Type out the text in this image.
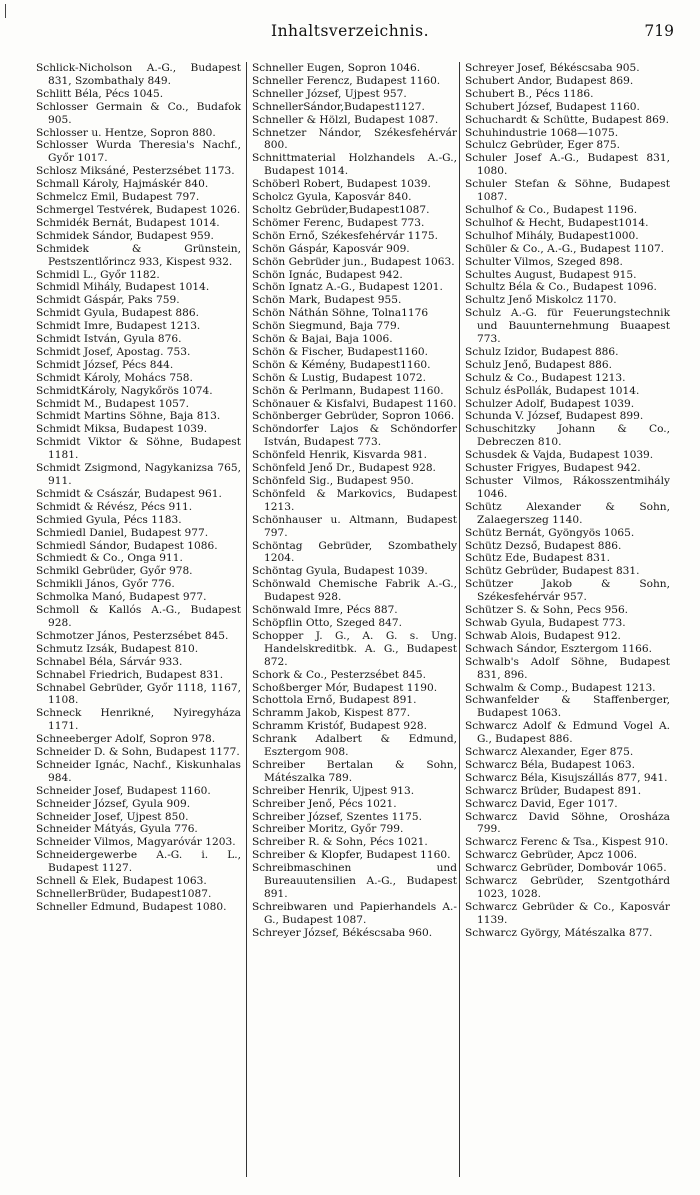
Inhaltsverzeichnis.	719

Schlick-Nicholson A.-G., Budapest 831, Szombathaly 849.

Schlitt Béla, Pécs 1045.

Schlosser Germain & Co., Budafok 905.

Schlosser u. Hentze, Sopron 880.

Schlosser Wurda Theresia's Nachf., Győr 1017.

Schlosz Miksáné, Pesterzsébet 1173.

Schmall Károly, Hajmáskér 840.

Schmelcz Emil, Budapest 797.

Schmergel Testvérek, Budapest 1026.

Schmidék Bernát, Budapest 1014.

Schmidek Sándor, Budapest 959.

Schmidek & Grünstein, Pestszentlőrincz 933, Kispest 932.

Schmidl L., Győr 1182.

Schmidl Mihály, Budapest 1014.

Schmidt Gáspár, Paks 759.

Schmidt Gyula, Budapest 886.

Schmidt Imre, Budapest 1213.

Schmidt István, Gyula 876.

Schmidt Josef, Apostag. 753.

Schmidt József, Pécs 844.

Schmidt Károly, Mohács 758.

SchmidtKároly, Nagykőrös 1074.

Schmidt M., Budapest 1057.

Schmidt Martins Söhne, Baja 813.

Schmidt Miksa, Budapest 1039.

Schmidt Viktor & Söhne, Budapest 1181.

Schmidt Zsigmond, Nagykanizsa 765, 911.

Schmidt & Császár, Budapest 961.

Schmidt & Révész, Pécs 911.

Schmied Gyula, Pécs 1183.

Schmiedl Daniel, Budapest 977.

Schmiedl Sándor, Budapest 1086.

Schmiedt & Co., Onga 911.

Schmikl Gebrüder, Győr 978.

Schmikli János, Győr 776.

Schmolka Manó, Budapest 977.

Schmoll & Kallós A.-G., Budapest 928.

Schmotzer János, Pesterzsébet 845.

Schmutz Izsák, Budapest 810.

Schnabel Béla, Sárvár 933.

Schnabel Friedrich, Budapest 831.

Schnabel Gebrüder, Győr 1118, 1167, 1108.

Schneck Henrikné, Nyiregyháza 1171.

Schneeberger Adolf, Sopron 978.

Schneider D. & Sohn, Budapest 1177.

Schneider Ignác, Nachf., Kiskunhalas 984.

Schneider Josef, Budapest 1160.

Schneider József, Gyula 909.

Schneider Josef, Ujpest 850.

Schneider Mátyás, Gyula 776.

Schneider Vilmos, Magyaróvár 1203.

Schneidergewerbe A.-G. i. L., Budapest 1127.

Schnell & Elek, Budapest 1063.

SchnellerBrüder, Budapest1087.

Schneller Edmund, Budapest 1080.

Schneller Eugen, Sopron 1046.

Schneller Ferencz, Budapest 1160.

Schneller József, Ujpest 957.

SchnellerSándor,Budapest1127.

Schneller & Hölzl, Budapest 1087.

Schnetzer Nándor, Székesfehérvár 800.

Schnittmaterial Holzhandels A.-G., Budapest 1014.

Schöberl Robert, Budapest 1039.

Scholcz Gyula, Kaposvár 840.

Scholtz Gebrüder,Budapest1087.

Schömer Ferenc, Budapest 773.

Schön Ernő, Székesfehérvár 1175.

Schön Gáspár, Kaposvár 909.

Schön Gebrüder jun., Budapest 1063.

Schön Ignác, Budapest 942.

Schön Ignatz A.-G., Budapest 1201.

Schön Mark, Budapest 955.

Schön Náthán Söhne, Tolna1176

Schön Siegmund, Baja 779.

Schön & Bajai, Baja 1006.

Schön & Fischer, Budapest1160.

Schön & Kémény, Budapest1160.

Schön & Lustig, Budapest 1072.

Schön & Perlmann, Budapest 1160.

Schönauer & Kisfalvi, Budapest 1160.

Schönberger Gebrüder, Sopron 1066.

Schöndorfer Lajos & Schöndorfer István, Budapest 773.

Schönfeld Henrik, Kisvarda 981.

Schönfeld Jenő Dr., Budapest 928.

Schönfeld Sig., Budapest 950.

Schönfeld & Markovics, Budapest 1213.

Schönhauser u. Altmann, Budapest 797.

Schöntag Gebrüder, Szombathely 1204.

Schöntag Gyula, Budapest 1039.

Schönwald Chemische Fabrik A.-G., Budapest 928.

Schönwald Imre, Pécs 887.

Schöpflin Otto, Szeged 847.

Schopper J. G., A. G. s. Ung. Handelskreditbk. A. G., Budapest 872.

Schork & Co., Pesterzsébet 845.

Schoßberger Mór, Budapest 1190.

Schottola Ernő, Budapest 891.

Schramm Jakob, Kispest 877.

Schramm Kristóf, Budapest 928.

Schrank Adalbert & Edmund, Esztergom 908.

Schreiber Bertalan & Sohn, Mátészalka 789.

Schreiber Henrik, Ujpest 913.

Schreiber Jenő, Pécs 1021.

Schreiber József, Szentes 1175.

Schreiber Moritz, Győr 799.

Schreiber R. & Sohn, Pécs 1021.

Schreiber & Klopfer, Budapest 1160.

Schreibmaschinen und Bureauutensilien A.-G., Budapest 891.

Schreibwaren und Papierhandels A.-G., Budapest 1087.

Schreyer József, Békéscsaba 960.

Schreyer Josef, Békéscsaba 905.

Schubert Andor, Budapest 869.

Schubert B., Pécs 1186.

Schubert József, Budapest 1160.

Schuchardt & Schütte, Budapest 869.

Schuhindustrie 1068—1075.

Schulcz Gebrüder, Eger 875.

Schuler Josef A.-G., Budapest 831, 1080.

Schuler Stefan & Söhne, Budapest 1087.

Schulhof & Co., Budapest 1196.

Schulhof & Hecht, Budapest1014.

Schulhof Mihály, Budapest1000.

Schüler & Co., A.-G., Budapest 1107.

Schulter Vilmos, Szeged 898.

Schultes August, Budapest 915.

Schultz Béla & Co., Budapest 1096.

Schultz Jenő Miskolcz 1170.

Schulz A.-G. für Feuerungstechnik und Bauunternehmung Buaapest 773.

Schulz Izidor, Budapest 886.

Schulz Jenő, Budapest 886.

Schulz & Co., Budapest 1213.

Schulz ésPollák, Budapest 1014.

Schulzer Adolf, Budapest 1039.

Schunda V. József, Budapest 899.

Schuschitzky Johann & Co., Debreczen 810.

Schusdek & Vajda, Budapest 1039.

Schuster Frigyes, Budapest 942.

Schuster Vilmos, Rákosszentmihály 1046.

Schütz Alexander & Sohn, Zalaegerszeg 1140.

Schütz Bernát, Gyöngyös 1065.

Schütz Dezső, Budapest 886.

Schütz Ede, Budapest 831.

Schütz Gebrüder, Budapest 831.

Schützer Jakob & Sohn, Székesfehérvár 957.

Schützer S. & Sohn, Pecs 956.

Schwab Gyula, Budapest 773.

Schwab Alois, Budapest 912.

Schwach Sándor, Esztergom 1166.

Schwalb's Adolf Söhne, Budapest 831, 896.

Schwalm & Comp., Budapest 1213.

Schwanfelder & Staffenberger, Budapest 1063.

Schwarcz Adolf & Edmund Vogel A. G., Budapest 886.

Schwarcz Alexander, Eger 875.

Schwarcz Béla, Budapest 1063.

Schwarcz Béla, Kisujszállás 877, 941.

Schwarcz Brüder, Budapest 891.

Schwarcz David, Eger 1017.

Schwarcz David Söhne, Orosháza 799.

Schwarcz Ferenc & Tsa., Kispest 910.

Schwarcz Gebrüder, Apcz 1006.

Schwarcz Gebrüder, Dombovár 1065.

Schwarcz Gebrüder, Szentgothárd 1023, 1028.

Schwarcz Gebrüder & Co., Kaposvár 1139.

Schwarcz György, Mátészalka 877.
